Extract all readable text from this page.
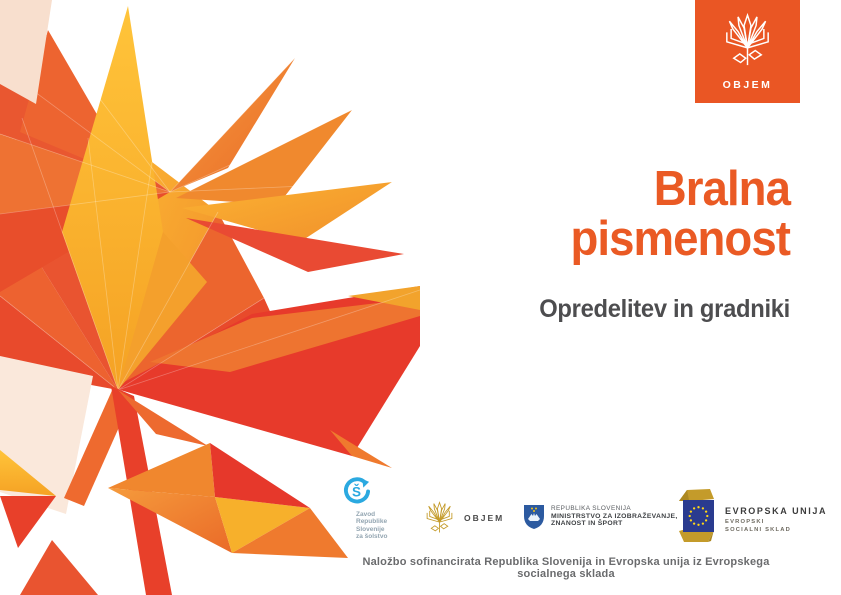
OBJEM
Bralna
pismenost
Opredelitev in gradniki
Š
Zavod
Republike
Slovenije
za šolstvo
OBJEM
REPUBLIKA SLOVENIJA
MINISTRSTVO ZA IZOBRAŽEVANJE,
ZNANOST IN ŠPORT
EVROPSKA UNIJA
EVROPSKI
SOCIALNI SKLAD
Naložbo sofinancirata Republika Slovenija in Evropska unija iz Evropskega socialnega sklada
